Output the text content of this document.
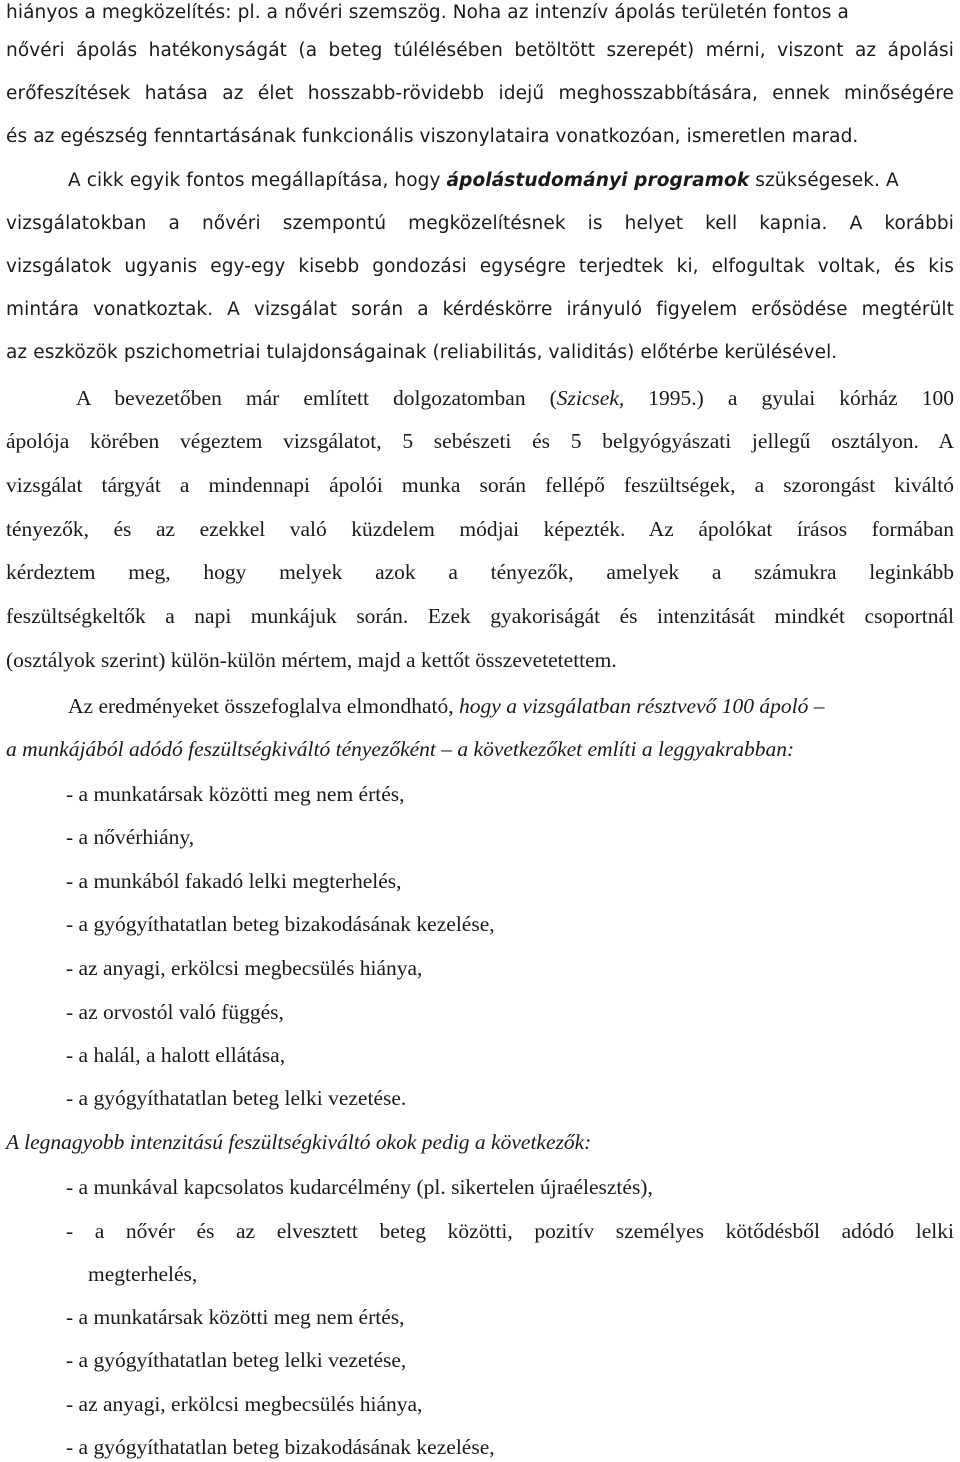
hiányos a megközelítés: pl. a nővéri szemszög. Noha az intenzív ápolás területén fontos a
nővéri ápolás hatékonyságát (a beteg túlélésében betöltött szerepét) mérni, viszont az ápolási
erőfeszítések hatása az élet hosszabb-rövidebb idejű meghosszabbítására, ennek minőségére
és az egészség fenntartásának funkcionális viszonylataira vonatkozóan, ismeretlen marad.
A cikk egyik fontos megállapítása, hogy ápolástudományi programok szükségesek. A
vizsgálatokban a nővéri szempontú megközelítésnek is helyet kell kapnia. A korábbi
vizsgálatok ugyanis egy-egy kisebb gondozási egységre terjedtek ki, elfogultak voltak, és kis
mintára vonatkoztak. A vizsgálat során a kérdéskörre irányuló figyelem erősödése megtérült
az eszközök pszichometriai tulajdonságainak (reliabilitás, validitás) előtérbe kerülésével.
A bevezetőben már említett dolgozatomban (Szicsek, 1995.) a gyulai kórház 100
ápolója körében végeztem vizsgálatot, 5 sebészeti és 5 belgyógyászati jellegű osztályon. A
vizsgálat tárgyát a mindennapi ápolói munka során fellépő feszültségek, a szorongást kiváltó
tényezők, és az ezekkel való küzdelem módjai képezték. Az ápolókat írásos formában
kérdeztem meg, hogy melyek azok a tényezők, amelyek a számukra leginkább
feszültségkeltők a napi munkájuk során. Ezek gyakoriságát és intenzitását mindkét csoportnál
(osztályok szerint) külön-külön mértem, majd a kettőt összevetetettem.
Az eredményeket összefoglalva elmondható, hogy a vizsgálatban résztvevő 100 ápoló –
a munkájából adódó feszültségkiváltó tényezőként – a következőket említi a leggyakrabban:
- a munkatársak közötti meg nem értés,
- a nővérhiány,
- a munkából fakadó lelki megterhelés,
- a gyógyíthatatlan beteg bizakodásának kezelése,
- az anyagi, erkölcsi megbecsülés hiánya,
- az orvostól való függés,
- a halál, a halott ellátása,
- a gyógyíthatatlan beteg lelki vezetése.
A legnagyobb intenzitású feszültségkiváltó okok pedig a következők:
- a munkával kapcsolatos kudarcélmény (pl. sikertelen újraélesztés),
- a nővér és az elvesztett beteg közötti, pozitív személyes kötődésből adódó lelki
megterhelés,
- a munkatársak közötti meg nem értés,
- a gyógyíthatatlan beteg lelki vezetése,
- az anyagi, erkölcsi megbecsülés hiánya,
- a gyógyíthatatlan beteg bizakodásának kezelése,
